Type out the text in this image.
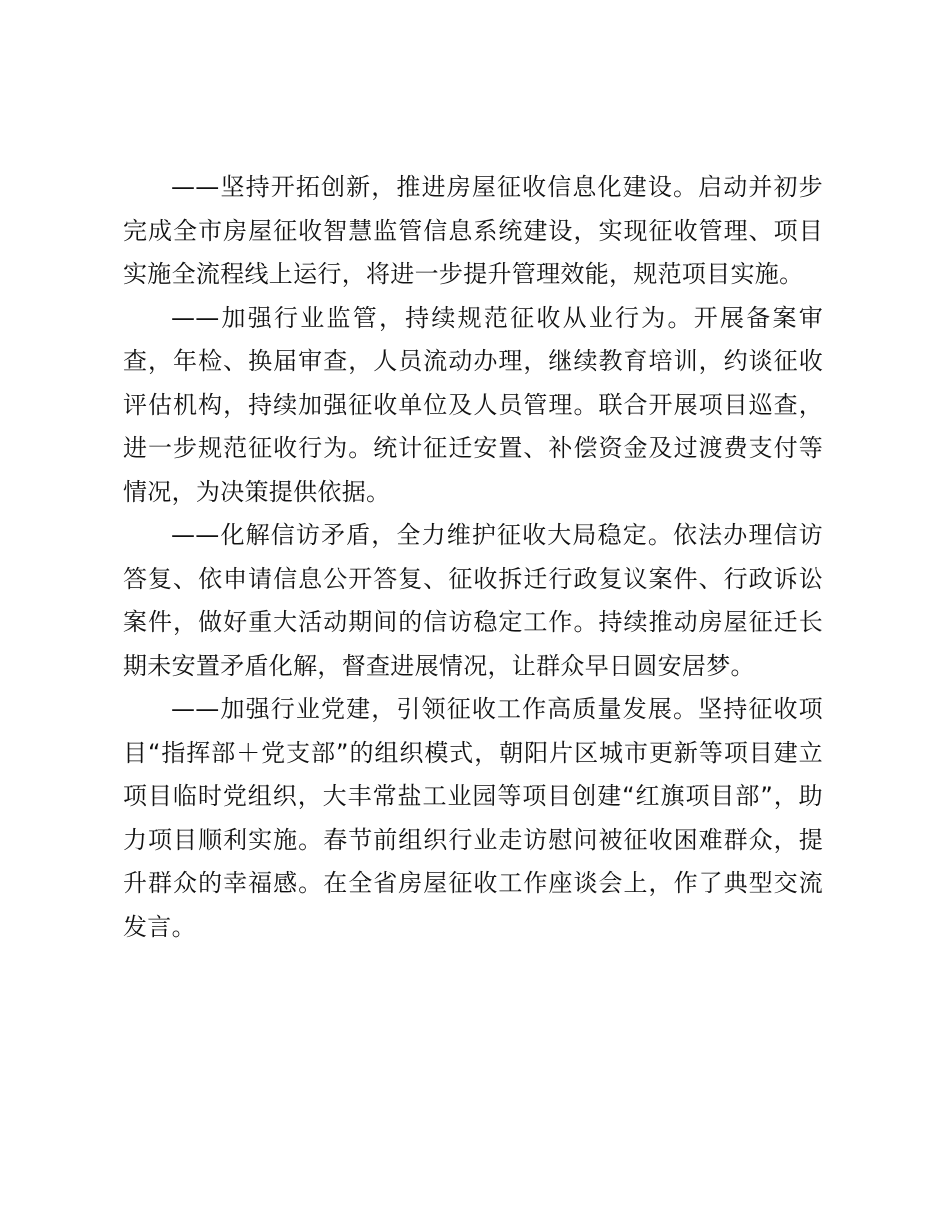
——坚持开拓创新，推进房屋征收信息化建设。启动并初步完成全市房屋征收智慧监管信息系统建设，实现征收管理、项目实施全流程线上运行，将进一步提升管理效能，规范项目实施。

——加强行业监管，持续规范征收从业行为。开展备案审查，年检、换届审查，人员流动办理，继续教育培训，约谈征收评估机构，持续加强征收单位及人员管理。联合开展项目巡查，进一步规范征收行为。统计征迁安置、补偿资金及过渡费支付等情况，为决策提供依据。

——化解信访矛盾，全力维护征收大局稳定。依法办理信访答复、依申请信息公开答复、征收拆迁行政复议案件、行政诉讼案件，做好重大活动期间的信访稳定工作。持续推动房屋征迁长期未安置矛盾化解，督查进展情况，让群众早日圆安居梦。

——加强行业党建，引领征收工作高质量发展。坚持征收项目“指挥部＋党支部”的组织模式，朝阳片区城市更新等项目建立项目临时党组织，大丰常盐工业园等项目创建“红旗项目部”，助力项目顺利实施。春节前组织行业走访慰问被征收困难群众，提升群众的幸福感。在全省房屋征收工作座谈会上，作了典型交流发言。
